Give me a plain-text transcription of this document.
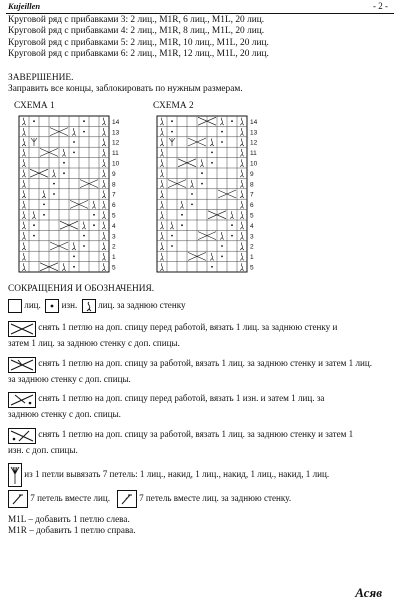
Kujeillen	- 2 -
Круговой ряд с прибавками 3: 2 лиц., M1R, 6 лиц., M1L, 20 лиц.
Круговой ряд с прибавками 4: 2 лиц., M1R, 8 лиц., M1L, 20 лиц.
Круговой ряд с прибавками 5: 2 лиц., M1R, 10 лиц., M1L, 20 лиц.
Круговой ряд с прибавками 6: 2 лиц., M1R, 12 лиц., M1L, 20 лиц.
ЗАВЕРШЕНИЕ.
Заправить все концы, заблокировать по нужным размерам.
СХЕМА 1	СХЕМА 2
14
13
12
11
10
9
8
7
6
5
4
3
2
1
5
14
13
12
11
10
9
8
7
6
5
4
3
2
1
5
СОКРАЩЕНИЯ И ОБОЗНАЧЕНИЯ.
лиц. изн. лиц. за заднюю стенку
снять 1 петлю на доп. спицу перед работой, вязать 1 лиц. за заднюю стенку и
затем 1 лиц. за заднюю стенку с доп. спицы.
снять 1 петлю на доп. спицу за работой, вязать 1 лиц. за заднюю стенку и затем 1 лиц.
за заднюю стенку с доп. спицы.
снять 1 петлю на доп. спицу перед работой, вязать 1 изн. и затем 1 лиц. за
заднюю стенку с доп. спицы.
снять 1 петлю на доп. спицу за работой, вязать 1 лиц. за заднюю стенку и затем 1
изн. с доп. спицы.
из 1 петли вывязать 7 петель: 1 лиц., накид, 1 лиц., накид, 1 лиц., накид, 1 лиц.
7 петель вместе лиц.	7 петель вместе лиц. за заднюю стенку.
M1L – добавить 1 петлю слева.
M1R – добавить 1 петлю справа.
Асяв
